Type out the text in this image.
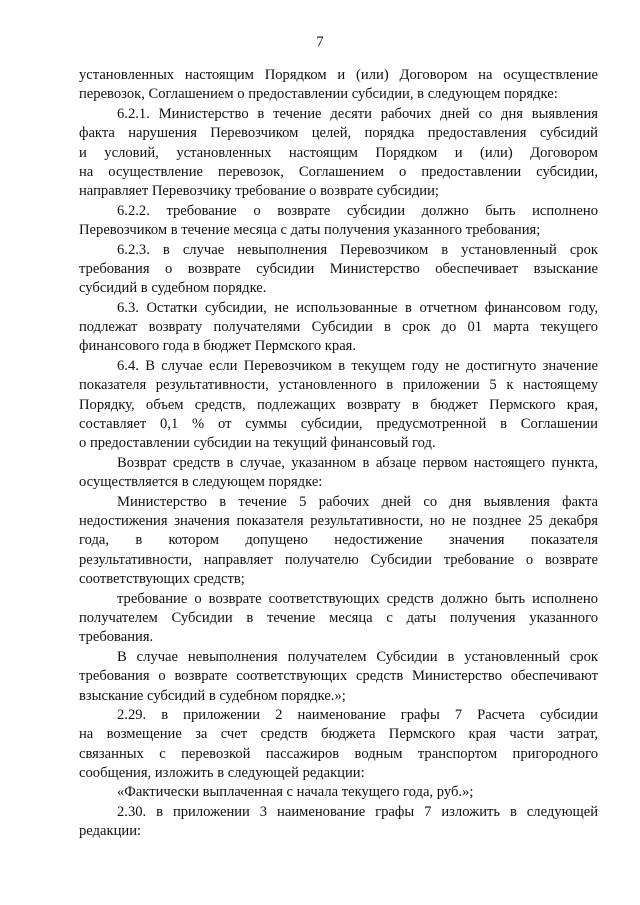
7
установленных настоящим Порядком и (или) Договором на осуществление
перевозок, Соглашением о предоставлении субсидии, в следующем порядке:
6.2.1. Министерство в течение десяти рабочих дней со дня выявления
факта нарушения Перевозчиком целей, порядка предоставления субсидий
и условий, установленных настоящим Порядком и (или) Договором
на осуществление перевозок, Соглашением о предоставлении субсидии,
направляет Перевозчику требование о возврате субсидии;
6.2.2. требование о возврате субсидии должно быть исполнено
Перевозчиком в течение месяца с даты получения указанного требования;
6.2.3. в случае невыполнения Перевозчиком в установленный срок
требования о возврате субсидии Министерство обеспечивает взыскание
субсидий в судебном порядке.
6.3. Остатки субсидии, не использованные в отчетном финансовом году,
подлежат возврату получателями Субсидии в срок до 01 марта текущего
финансового года в бюджет Пермского края.
6.4. В случае если Перевозчиком в текущем году не достигнуто значение
показателя результативности, установленного в приложении 5 к настоящему
Порядку, объем средств, подлежащих возврату в бюджет Пермского края,
составляет 0,1 % от суммы субсидии, предусмотренной в Соглашении
о предоставлении субсидии на текущий финансовый год.
Возврат средств в случае, указанном в абзаце первом настоящего пункта,
осуществляется в следующем порядке:
Министерство в течение 5 рабочих дней со дня выявления факта
недостижения значения показателя результативности, но не позднее 25 декабря
года, в котором допущено недостижение значения показателя
результативности, направляет получателю Субсидии требование о возврате
соответствующих средств;
требование о возврате соответствующих средств должно быть исполнено
получателем Субсидии в течение месяца с даты получения указанного
требования.
В случае невыполнения получателем Субсидии в установленный срок
требования о возврате соответствующих средств Министерство обеспечивают
взыскание субсидий в судебном порядке.»;
2.29. в приложении 2 наименование графы 7 Расчета субсидии
на возмещение за счет средств бюджета Пермского края части затрат,
связанных с перевозкой пассажиров водным транспортом пригородного
сообщения, изложить в следующей редакции:
«Фактически выплаченная с начала текущего года, руб.»;
2.30. в приложении 3 наименование графы 7 изложить в следующей
редакции:
